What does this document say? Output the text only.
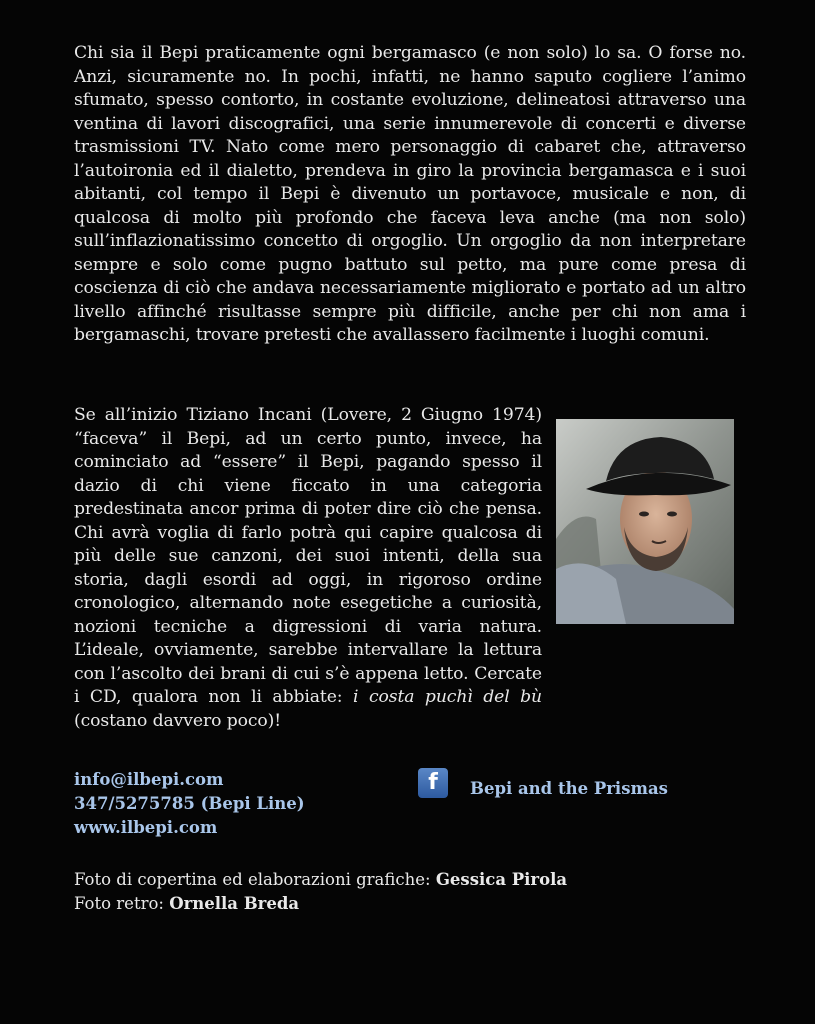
Chi sia il Bepi praticamente ogni bergamasco (e non solo) lo sa. O forse no. Anzi, sicuramente no. In pochi, infatti, ne hanno saputo cogliere l’animo sfumato, spesso contorto, in costante evoluzione, delineatosi attraverso una ventina di lavori discografici, una serie innumerevole di concerti e diverse trasmissioni TV. Nato come mero personaggio di cabaret che, attraverso l’autoironia ed il dialetto, prendeva in giro la provincia bergamasca e i suoi abitanti, col tempo il Bepi è divenuto un portavoce, musicale e non, di qualcosa di molto più profondo che faceva leva anche (ma non solo) sull’inflazionatissimo concetto di orgoglio. Un orgoglio da non interpretare sempre e solo come pugno battuto sul petto, ma pure come presa di coscienza di ciò che andava necessariamente migliorato e portato ad un altro livello affinché risultasse sempre più difficile, anche per chi non ama i bergamaschi, trovare pretesti che avallassero facilmente i luoghi comuni.

Se all’inizio Tiziano Incani (Lovere, 2 Giugno 1974) “faceva” il Bepi, ad un certo punto, invece, ha cominciato ad “essere” il Bepi, pagando spesso il dazio di chi viene ficcato in una categoria predestinata ancor prima di poter dire ciò che pensa. Chi avrà voglia di farlo potrà qui capire qualcosa di più delle sue canzoni, dei suoi intenti, della sua storia, dagli esordi ad oggi, in rigoroso ordine cronologico, alternando note esegetiche a curiosità, nozioni tecniche a digressioni di varia natura. L’ideale, ovviamente, sarebbe intervallare la lettura con l’ascolto dei brani di cui s’è appena letto. Cercate i CD, qualora non li abbiate: i costa puchì del bù (costano davvero poco)!

info@ilbepi.com
347/5275785 (Bepi Line)
www.ilbepi.com
f	Bepi and the Prismas
Foto di copertina ed elaborazioni grafiche: Gessica Pirola
Foto retro: Ornella Breda
